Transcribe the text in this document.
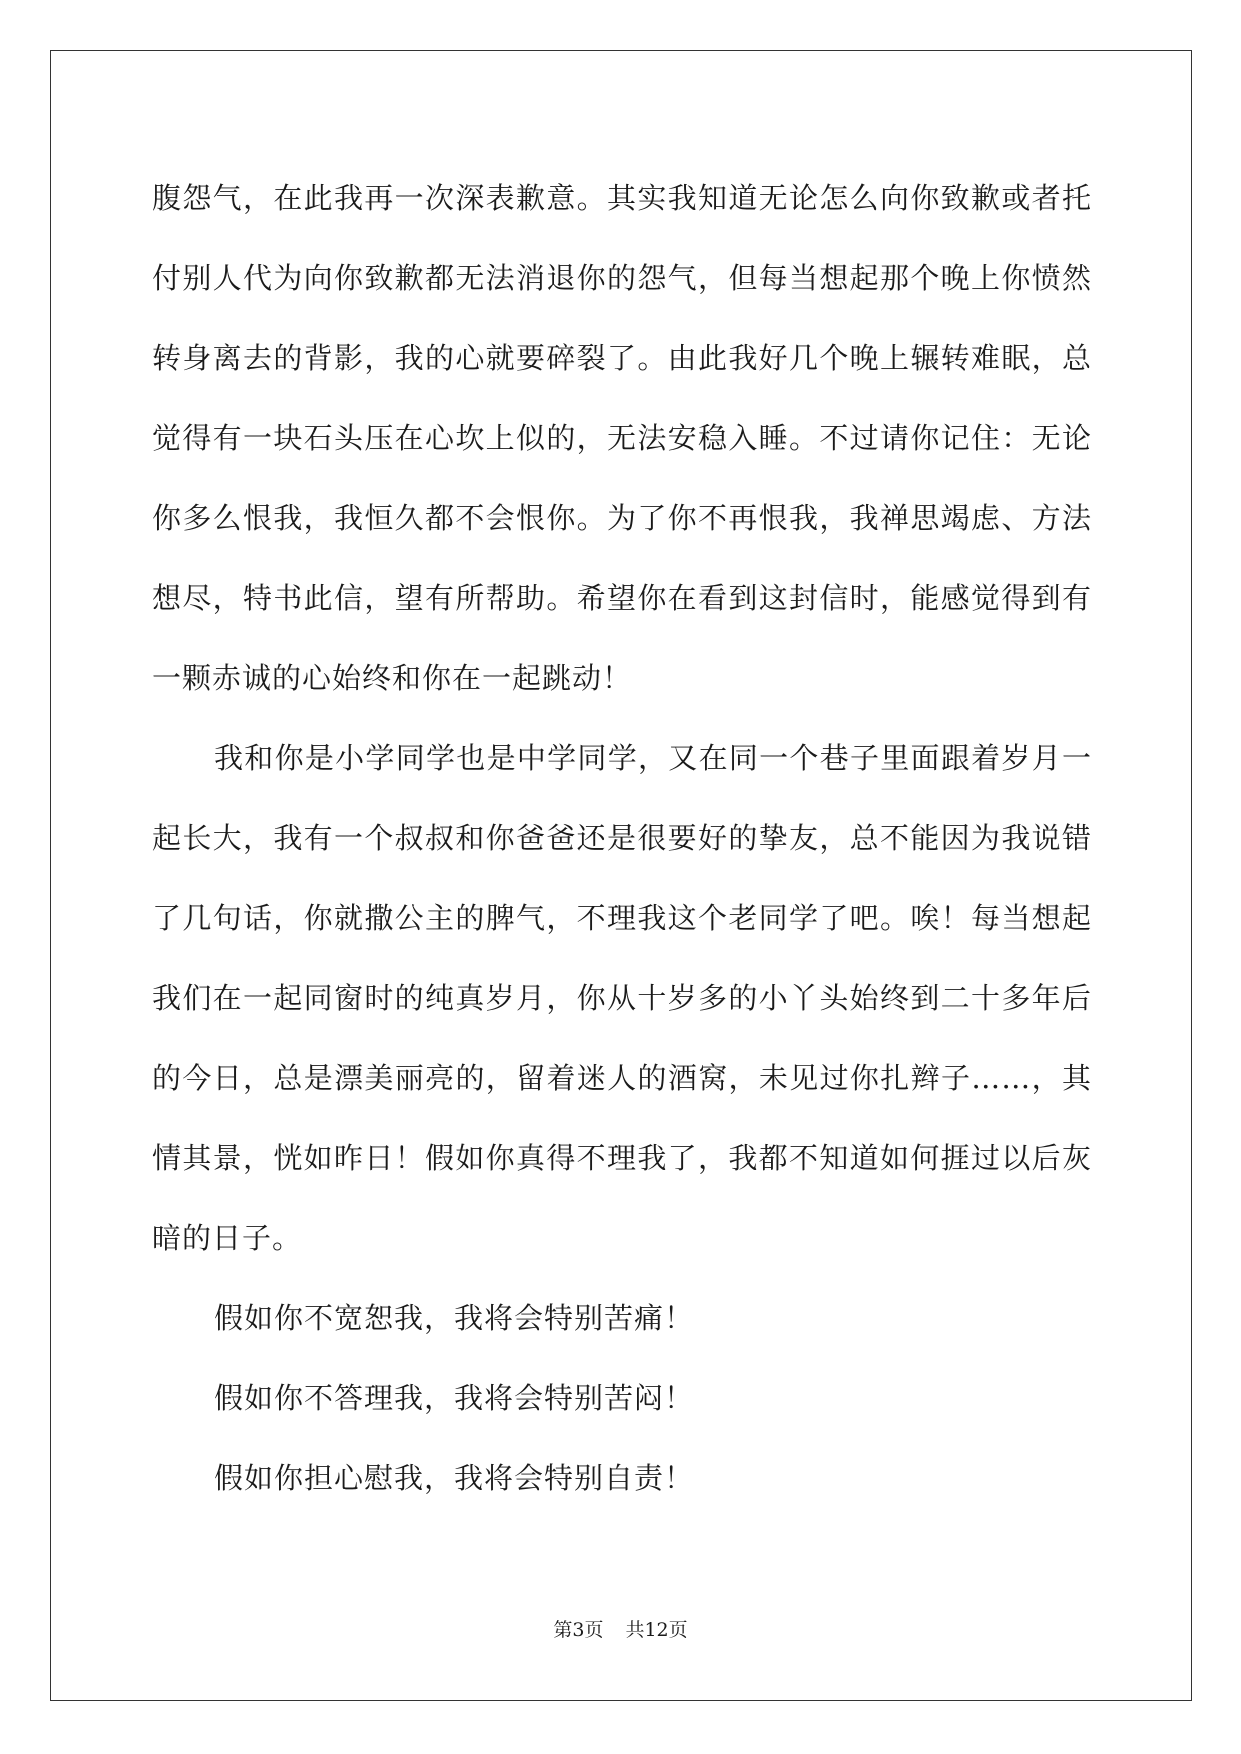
腹怨气，在此我再一次深表歉意。其实我知道无论怎么向你致歉或者托付别人代为向你致歉都无法消退你的怨气，但每当想起那个晚上你愤然转身离去的背影，我的心就要碎裂了。由此我好几个晚上辗转难眠，总觉得有一块石头压在心坎上似的，无法安稳入睡。不过请你记住：无论你多么恨我，我恒久都不会恨你。为了你不再恨我，我禅思竭虑、方法想尽，特书此信，望有所帮助。希望你在看到这封信时，能感觉得到有一颗赤诚的心始终和你在一起跳动！

我和你是小学同学也是中学同学，又在同一个巷子里面跟着岁月一起长大，我有一个叔叔和你爸爸还是很要好的挚友，总不能因为我说错了几句话，你就撒公主的脾气，不理我这个老同学了吧。唉！每当想起我们在一起同窗时的纯真岁月，你从十岁多的小丫头始终到二十多年后的今日，总是漂美丽亮的，留着迷人的酒窝，未见过你扎辫子……，其情其景，恍如昨日！假如你真得不理我了，我都不知道如何捱过以后灰暗的日子。

假如你不宽恕我，我将会特别苦痛！

假如你不答理我，我将会特别苦闷！

假如你担心慰我，我将会特别自责！

第3页 共12页
